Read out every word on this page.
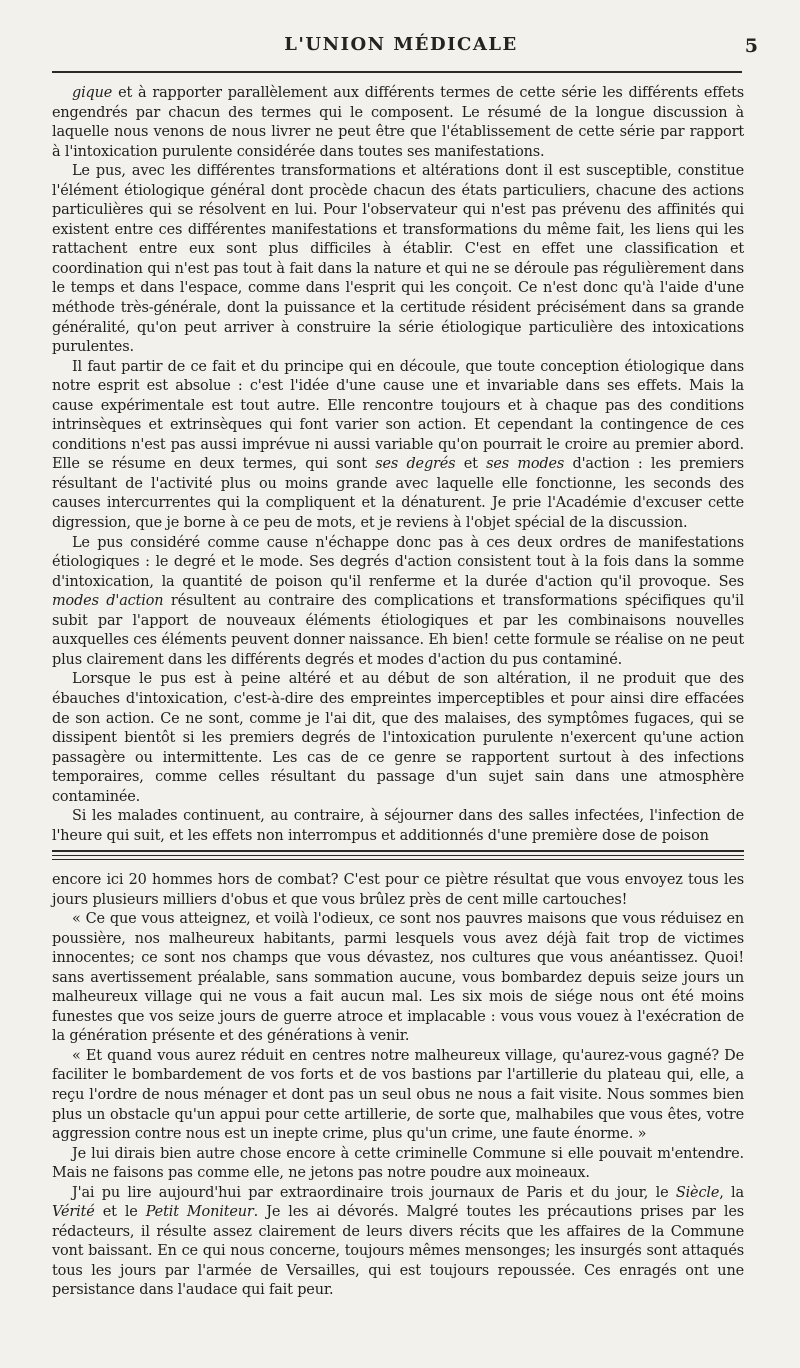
L'UNION MÉDICALE	5

gique et à rapporter parallèlement aux différents termes de cette série les différents effets engendrés par chacun des termes qui le composent. Le résumé de la longue discussion à laquelle nous venons de nous livrer ne peut être que l'établissement de cette série par rapport à l'intoxication purulente considérée dans toutes ses manifestations.

Le pus, avec les différentes transformations et altérations dont il est susceptible, constitue l'élément étiologique général dont procède chacun des états particuliers, chacune des actions particulières qui se résolvent en lui. Pour l'observateur qui n'est pas prévenu des affinités qui existent entre ces différentes manifestations et transformations du même fait, les liens qui les rattachent entre eux sont plus difficiles à établir. C'est en effet une classification et coordination qui n'est pas tout à fait dans la nature et qui ne se déroule pas régulièrement dans le temps et dans l'espace, comme dans l'esprit qui les conçoit. Ce n'est donc qu'à l'aide d'une méthode très-générale, dont la puissance et la certitude résident précisément dans sa grande généralité, qu'on peut arriver à construire la série étiologique particulière des intoxications purulentes.

Il faut partir de ce fait et du principe qui en découle, que toute conception étiologique dans notre esprit est absolue : c'est l'idée d'une cause une et invariable dans ses effets. Mais la cause expérimentale est tout autre. Elle rencontre toujours et à chaque pas des conditions intrinsèques et extrinsèques qui font varier son action. Et cependant la contingence de ces conditions n'est pas aussi imprévue ni aussi variable qu'on pourrait le croire au premier abord. Elle se résume en deux termes, qui sont ses degrés et ses modes d'action : les premiers résultant de l'activité plus ou moins grande avec laquelle elle fonctionne, les seconds des causes intercurrentes qui la compliquent et la dénaturent. Je prie l'Académie d'excuser cette digression, que je borne à ce peu de mots, et je reviens à l'objet spécial de la discussion.

Le pus considéré comme cause n'échappe donc pas à ces deux ordres de manifestations étiologiques : le degré et le mode. Ses degrés d'action consistent tout à la fois dans la somme d'intoxication, la quantité de poison qu'il renferme et la durée d'action qu'il provoque. Ses modes d'action résultent au contraire des complications et transformations spécifiques qu'il subit par l'apport de nouveaux éléments étiologiques et par les combinaisons nouvelles auxquelles ces éléments peuvent donner naissance. Eh bien! cette formule se réalise on ne peut plus clairement dans les différents degrés et modes d'action du pus contaminé.

Lorsque le pus est à peine altéré et au début de son altération, il ne produit que des ébauches d'intoxication, c'est-à-dire des empreintes imperceptibles et pour ainsi dire effacées de son action. Ce ne sont, comme je l'ai dit, que des malaises, des symptômes fugaces, qui se dissipent bientôt si les premiers degrés de l'intoxication purulente n'exercent qu'une action passagère ou intermittente. Les cas de ce genre se rapportent surtout à des infections temporaires, comme celles résultant du passage d'un sujet sain dans une atmosphère contaminée.

Si les malades continuent, au contraire, à séjourner dans des salles infectées, l'infection de l'heure qui suit, et les effets non interrompus et additionnés d'une première dose de poison

encore ici 20 hommes hors de combat? C'est pour ce piètre résultat que vous envoyez tous les jours plusieurs milliers d'obus et que vous brûlez près de cent mille cartouches!

« Ce que vous atteignez, et voilà l'odieux, ce sont nos pauvres maisons que vous réduisez en poussière, nos malheureux habitants, parmi lesquels vous avez déjà fait trop de victimes innocentes; ce sont nos champs que vous dévastez, nos cultures que vous anéantissez. Quoi! sans avertissement préalable, sans sommation aucune, vous bombardez depuis seize jours un malheureux village qui ne vous a fait aucun mal. Les six mois de siége nous ont été moins funestes que vos seize jours de guerre atroce et implacable : vous vous vouez à l'exécration de la génération présente et des générations à venir.

« Et quand vous aurez réduit en centres notre malheureux village, qu'aurez-vous gagné? De faciliter le bombardement de vos forts et de vos bastions par l'artillerie du plateau qui, elle, a reçu l'ordre de nous ménager et dont pas un seul obus ne nous a fait visite. Nous sommes bien plus un obstacle qu'un appui pour cette artillerie, de sorte que, malhabiles que vous êtes, votre aggression contre nous est un inepte crime, plus qu'un crime, une faute énorme. »

Je lui dirais bien autre chose encore à cette criminelle Commune si elle pouvait m'entendre. Mais ne faisons pas comme elle, ne jetons pas notre poudre aux moineaux.

J'ai pu lire aujourd'hui par extraordinaire trois journaux de Paris et du jour, le Siècle, la Vérité et le Petit Moniteur. Je les ai dévorés. Malgré toutes les précautions prises par les rédacteurs, il résulte assez clairement de leurs divers récits que les affaires de la Commune vont baissant. En ce qui nous concerne, toujours mêmes mensonges; les insurgés sont attaqués tous les jours par l'armée de Versailles, qui est toujours repoussée. Ces enragés ont une persistance dans l'audace qui fait peur.
